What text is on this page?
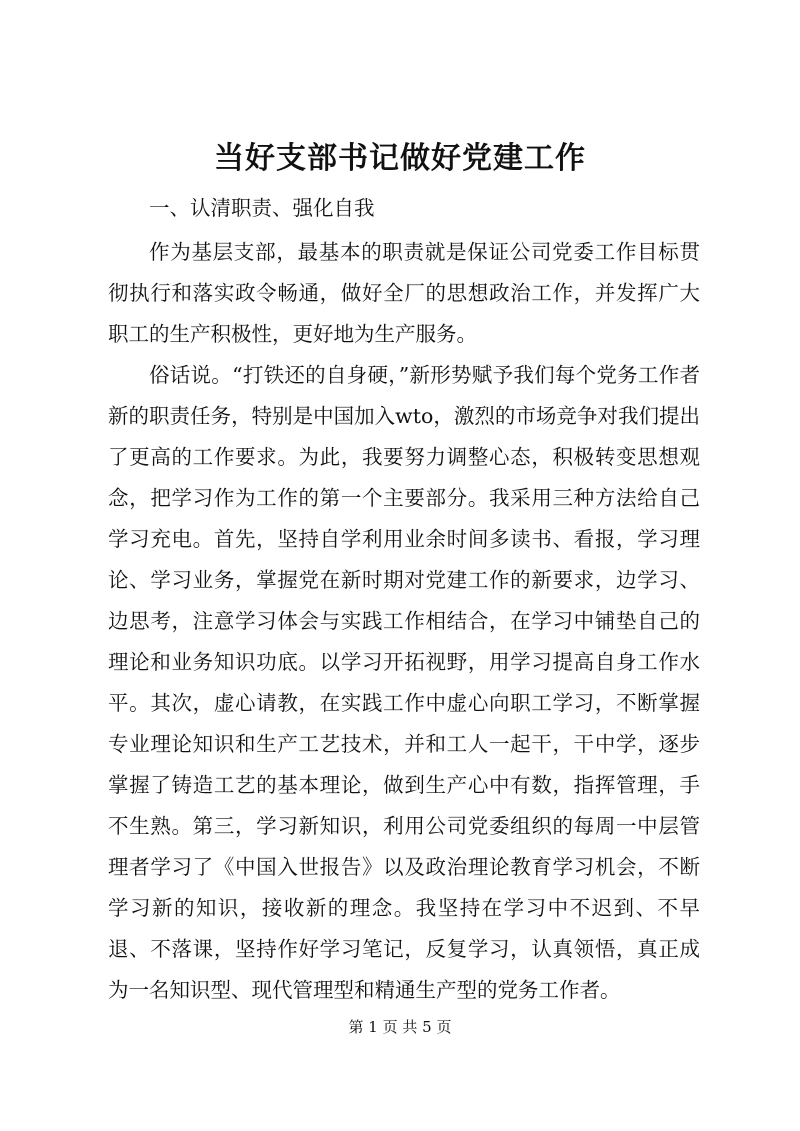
当好支部书记做好党建工作

一、认清职责、强化自我

作为基层支部，最基本的职责就是保证公司党委工作目标贯彻执行和落实政令畅通，做好全厂的思想政治工作，并发挥广大职工的生产积极性，更好地为生产服务。

俗话说。“打铁还的自身硬，”新形势赋予我们每个党务工作者新的职责任务，特别是中国加入wto，激烈的市场竞争对我们提出了更高的工作要求。为此，我要努力调整心态，积极转变思想观念，把学习作为工作的第一个主要部分。我采用三种方法给自己学习充电。首先，坚持自学利用业余时间多读书、看报，学习理论、学习业务，掌握党在新时期对党建工作的新要求，边学习、边思考，注意学习体会与实践工作相结合，在学习中铺垫自己的理论和业务知识功底。以学习开拓视野，用学习提高自身工作水平。其次，虚心请教，在实践工作中虚心向职工学习，不断掌握专业理论知识和生产工艺技术，并和工人一起干，干中学，逐步掌握了铸造工艺的基本理论，做到生产心中有数，指挥管理，手不生熟。第三，学习新知识，利用公司党委组织的每周一中层管理者学习了《中国入世报告》以及政治理论教育学习机会，不断学习新的知识，接收新的理念。我坚持在学习中不迟到、不早退、不落课，坚持作好学习笔记，反复学习，认真领悟，真正成为一名知识型、现代管理型和精通生产型的党务工作者。

第 1 页 共 5 页
